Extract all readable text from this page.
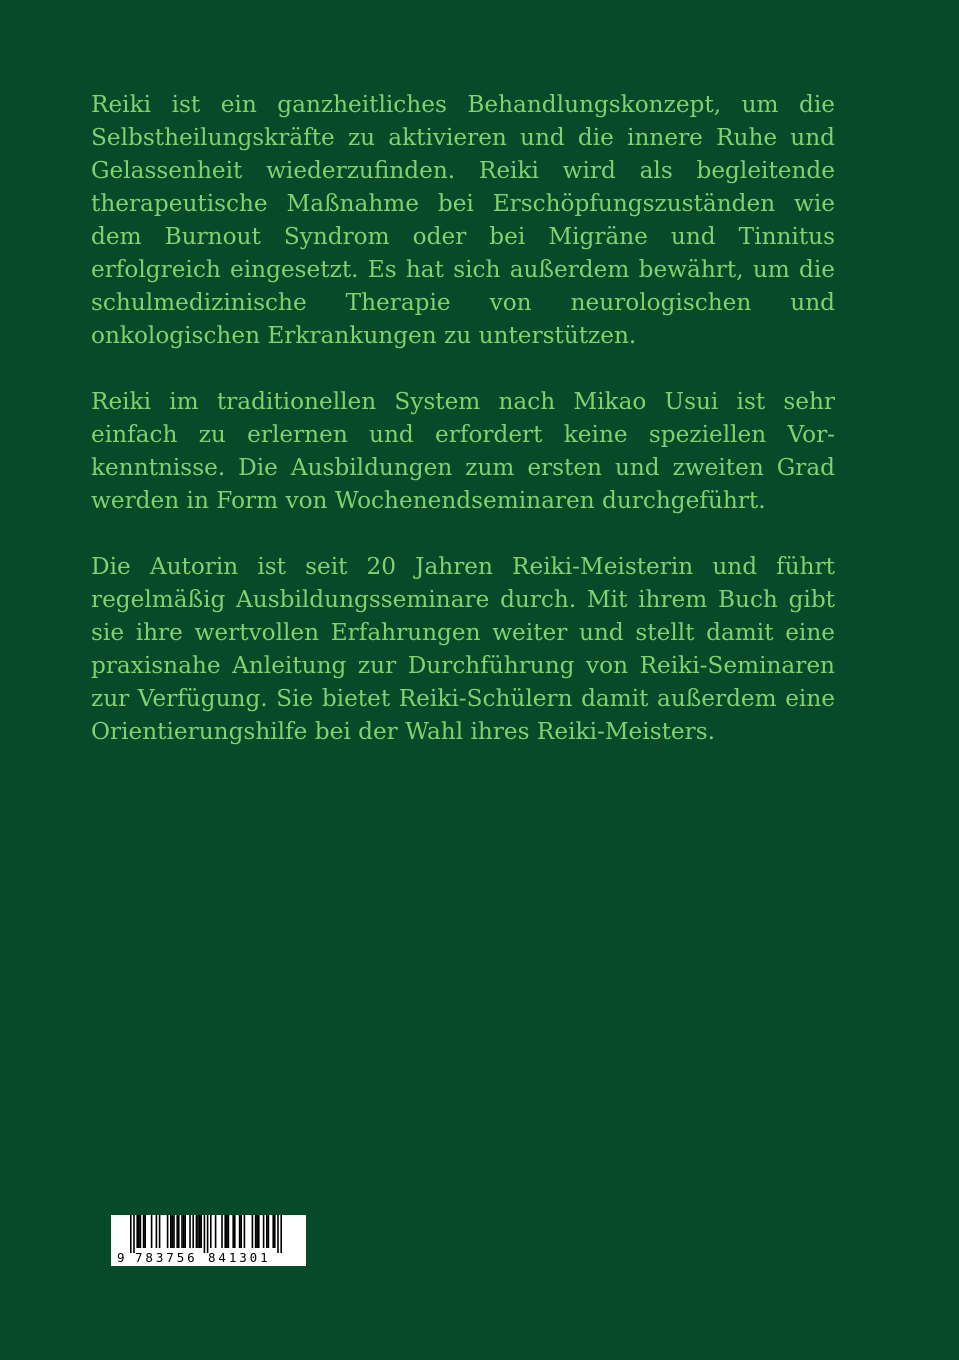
Reiki ist ein ganzheitliches Behandlungskonzept, um die Selbstheilungskräfte zu aktivieren und die innere Ruhe und Gelassenheit wiederzufinden. Reiki wird als begleitende therapeutische Maßnahme bei Erschöpfungszuständen wie dem Burnout Syndrom oder bei Migräne und Tinnitus erfolgreich eingesetzt. Es hat sich außerdem bewährt, um die schulmedizinische Therapie von neurologischen und onkologischen Erkrankungen zu unterstützen.

Reiki im traditionellen System nach Mikao Usui ist sehr einfach zu erlernen und erfordert keine speziellen Vorkenntnisse. Die Ausbildungen zum ersten und zweiten Grad werden in Form von Wochenendseminaren durchgeführt.

Die Autorin ist seit 20 Jahren Reiki-Meisterin und führt regelmäßig Ausbildungsseminare durch. Mit ihrem Buch gibt sie ihre wertvollen Erfahrungen weiter und stellt damit eine praxisnahe Anleitung zur Durchführung von Reiki-Seminaren zur Verfügung. Sie bietet Reiki-Schülern damit außerdem eine Orientierungshilfe bei der Wahl ihres Reiki-Meisters.

9

783756 841301
